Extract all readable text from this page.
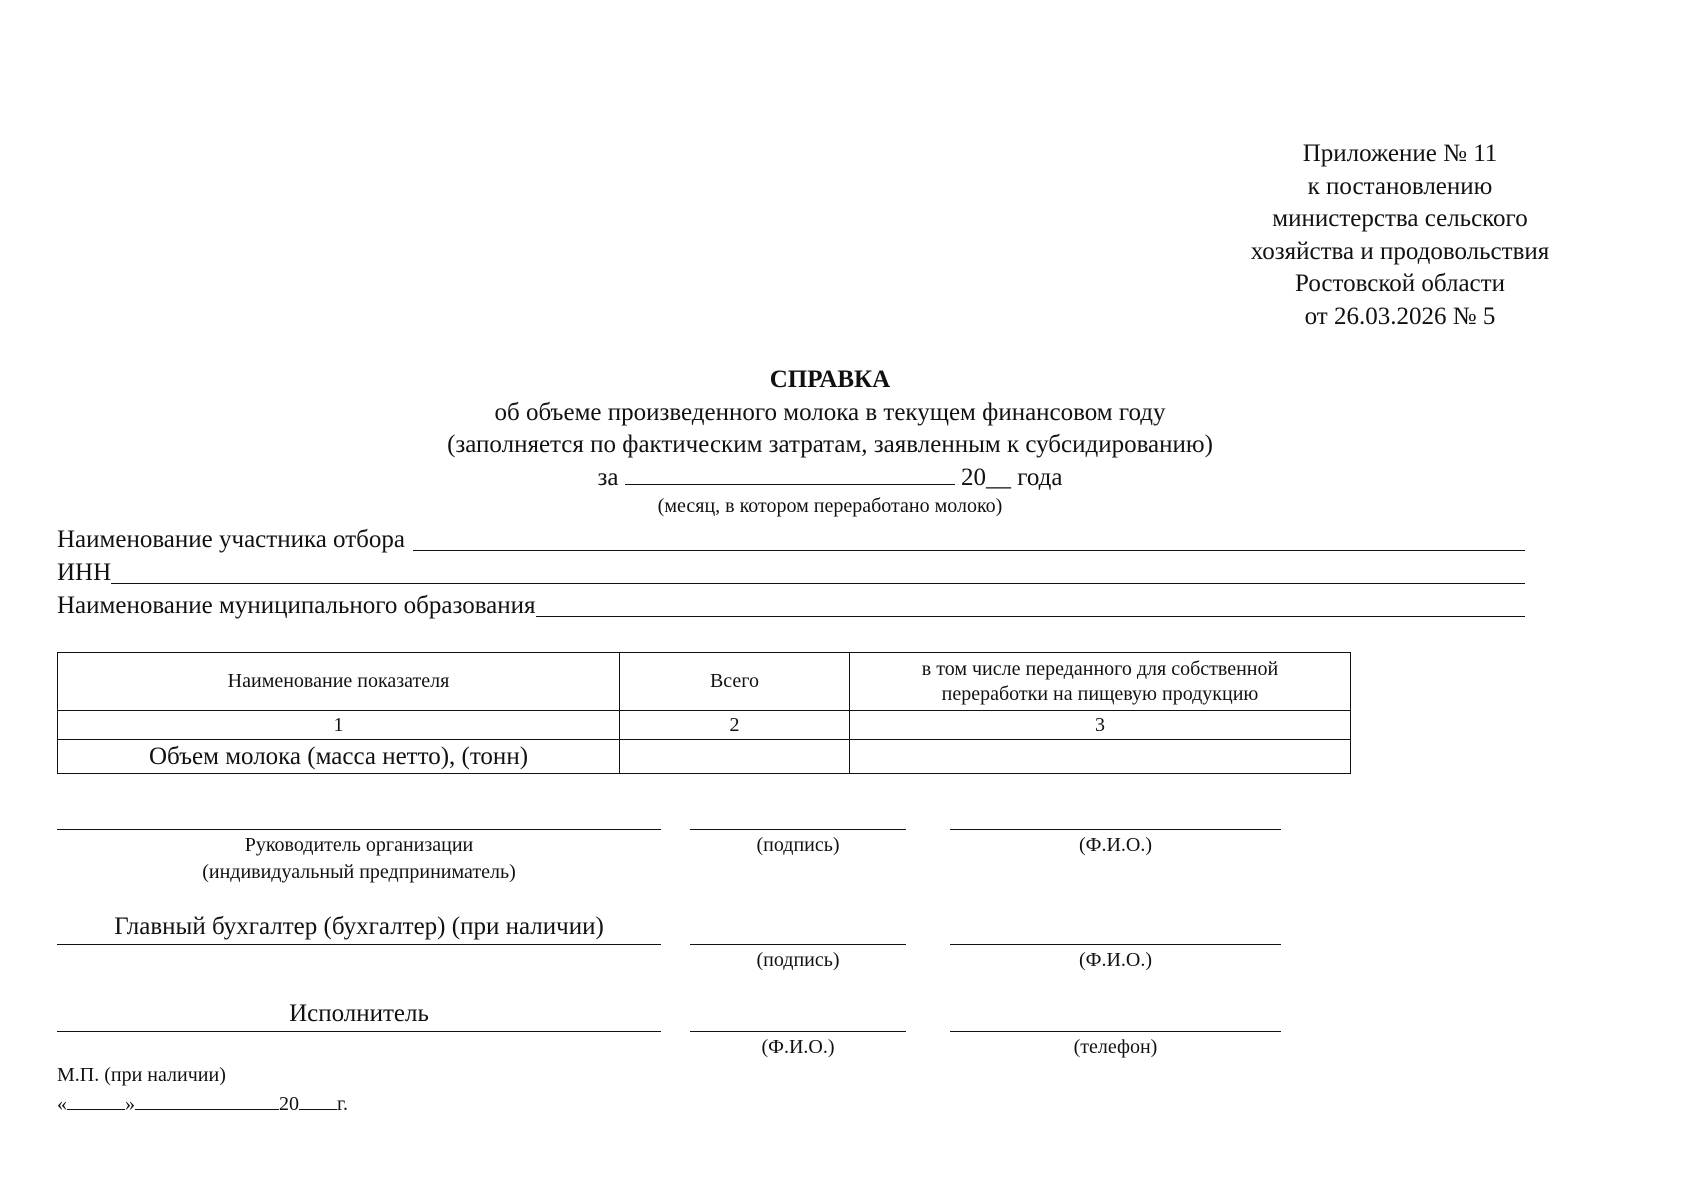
Приложение № 11
к постановлению
министерства сельского
хозяйства и продовольствия
Ростовской области
от 26.03.2026 № 5
СПРАВКА
об объеме произведенного молока в текущем финансовом году
(заполняется по фактическим затратам, заявленным к субсидированию)
за	20__ года
(месяц, в котором переработано молоко)
Наименование участника отбора
ИНН
Наименование муниципального образования
Наименование показателя	Всего	в том числе переданного для собственной переработки на пищевую продукцию
1	2	3
Объем молока (масса нетто), (тонн)		
Руководитель организации
(индивидуальный предприниматель)
(подпись)	(Ф.И.О.)
Главный бухгалтер (бухгалтер) (при наличии)
(подпись)	(Ф.И.О.)
Исполнитель
(Ф.И.О.)	(телефон)
М.П. (при наличии)
«	»	20 г.
